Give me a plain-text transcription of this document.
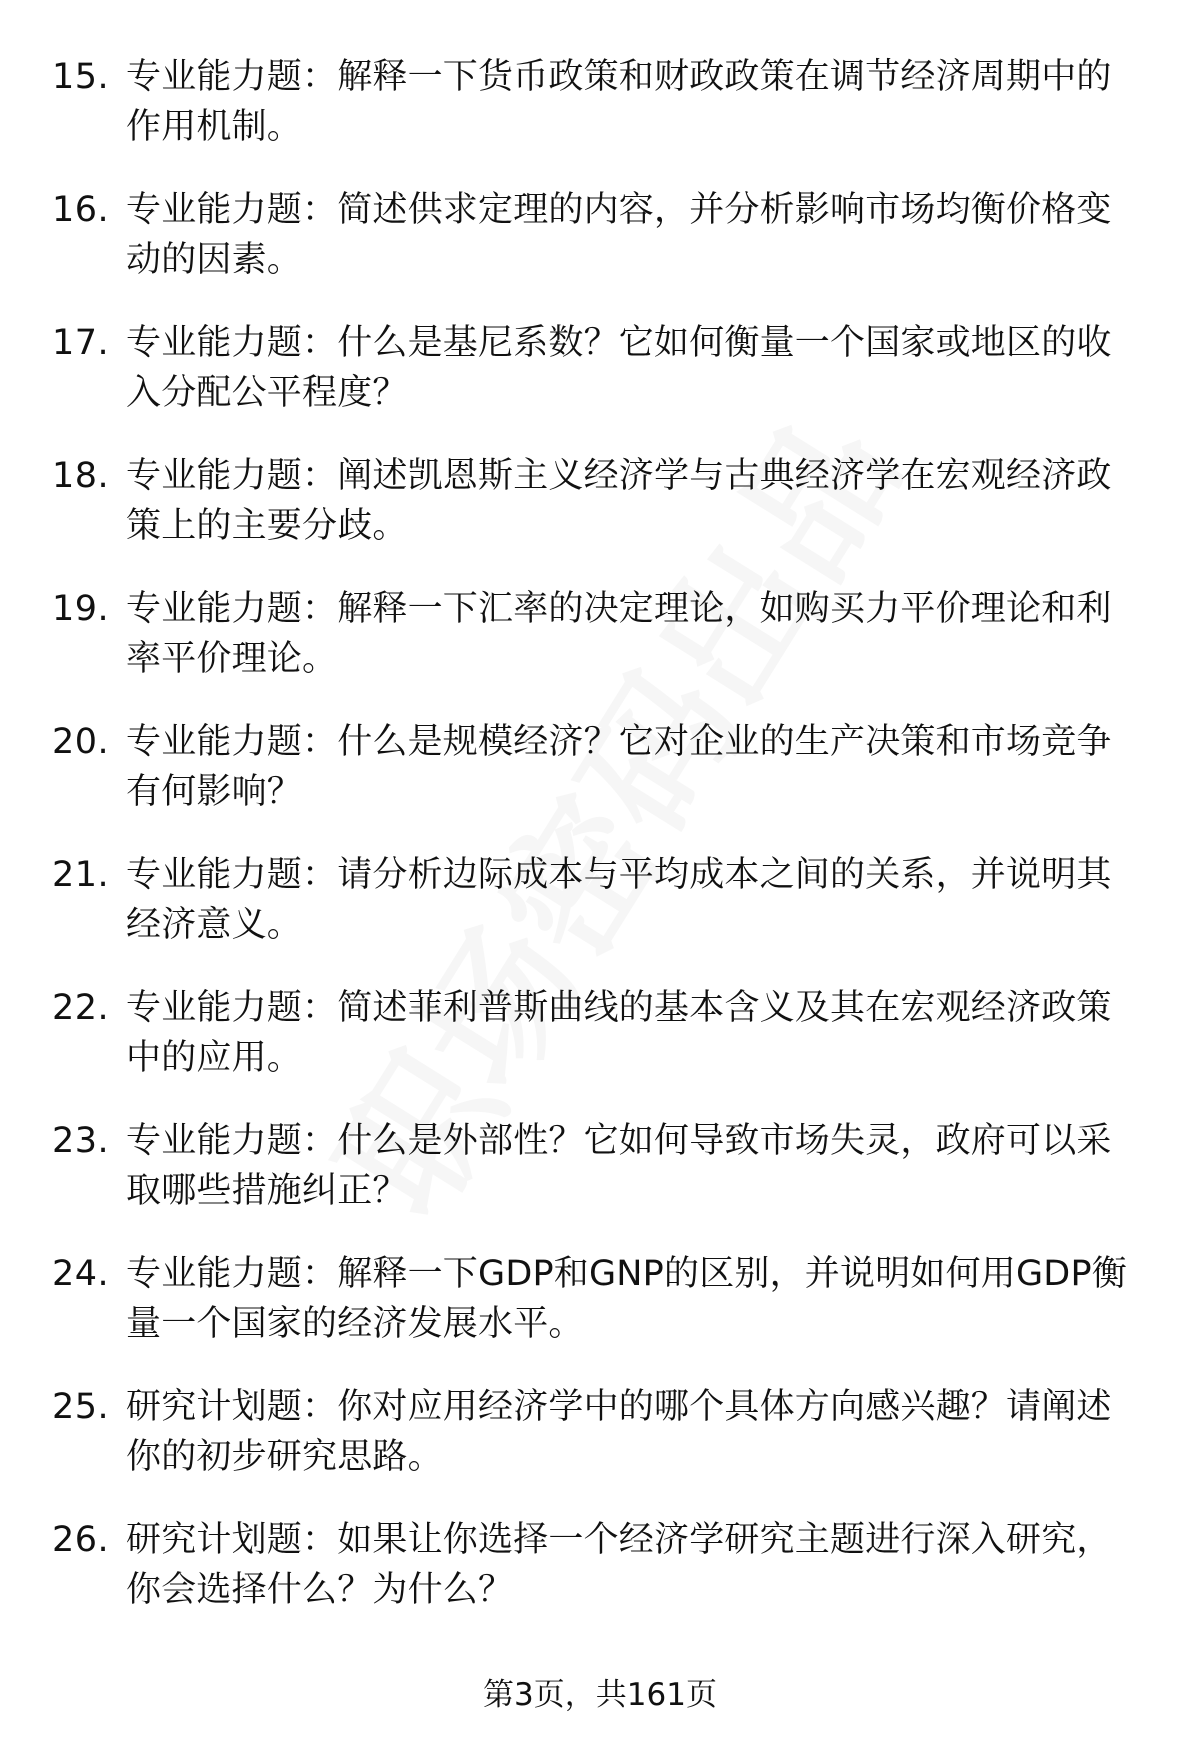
15. 专业能力题：解释一下货币政策和财政政策在调节经济周期中的作用机制。
16. 专业能力题：简述供求定理的内容，并分析影响市场均衡价格变动的因素。
17. 专业能力题：什么是基尼系数？它如何衡量一个国家或地区的收入分配公平程度？
18. 专业能力题：阐述凯恩斯主义经济学与古典经济学在宏观经济政策上的主要分歧。
19. 专业能力题：解释一下汇率的决定理论，如购买力平价理论和利率平价理论。
20. 专业能力题：什么是规模经济？它对企业的生产决策和市场竞争有何影响？
21. 专业能力题：请分析边际成本与平均成本之间的关系，并说明其经济意义。
22. 专业能力题：简述菲利普斯曲线的基本含义及其在宏观经济政策中的应用。
23. 专业能力题：什么是外部性？它如何导致市场失灵，政府可以采取哪些措施纠正？
24. 专业能力题：解释一下GDP和GNP的区别，并说明如何用GDP衡量一个国家的经济发展水平。
25. 研究计划题：你对应用经济学中的哪个具体方向感兴趣？请阐述你的初步研究思路。
26. 研究计划题：如果让你选择一个经济学研究主题进行深入研究，你会选择什么？为什么？
第3页，共161页
